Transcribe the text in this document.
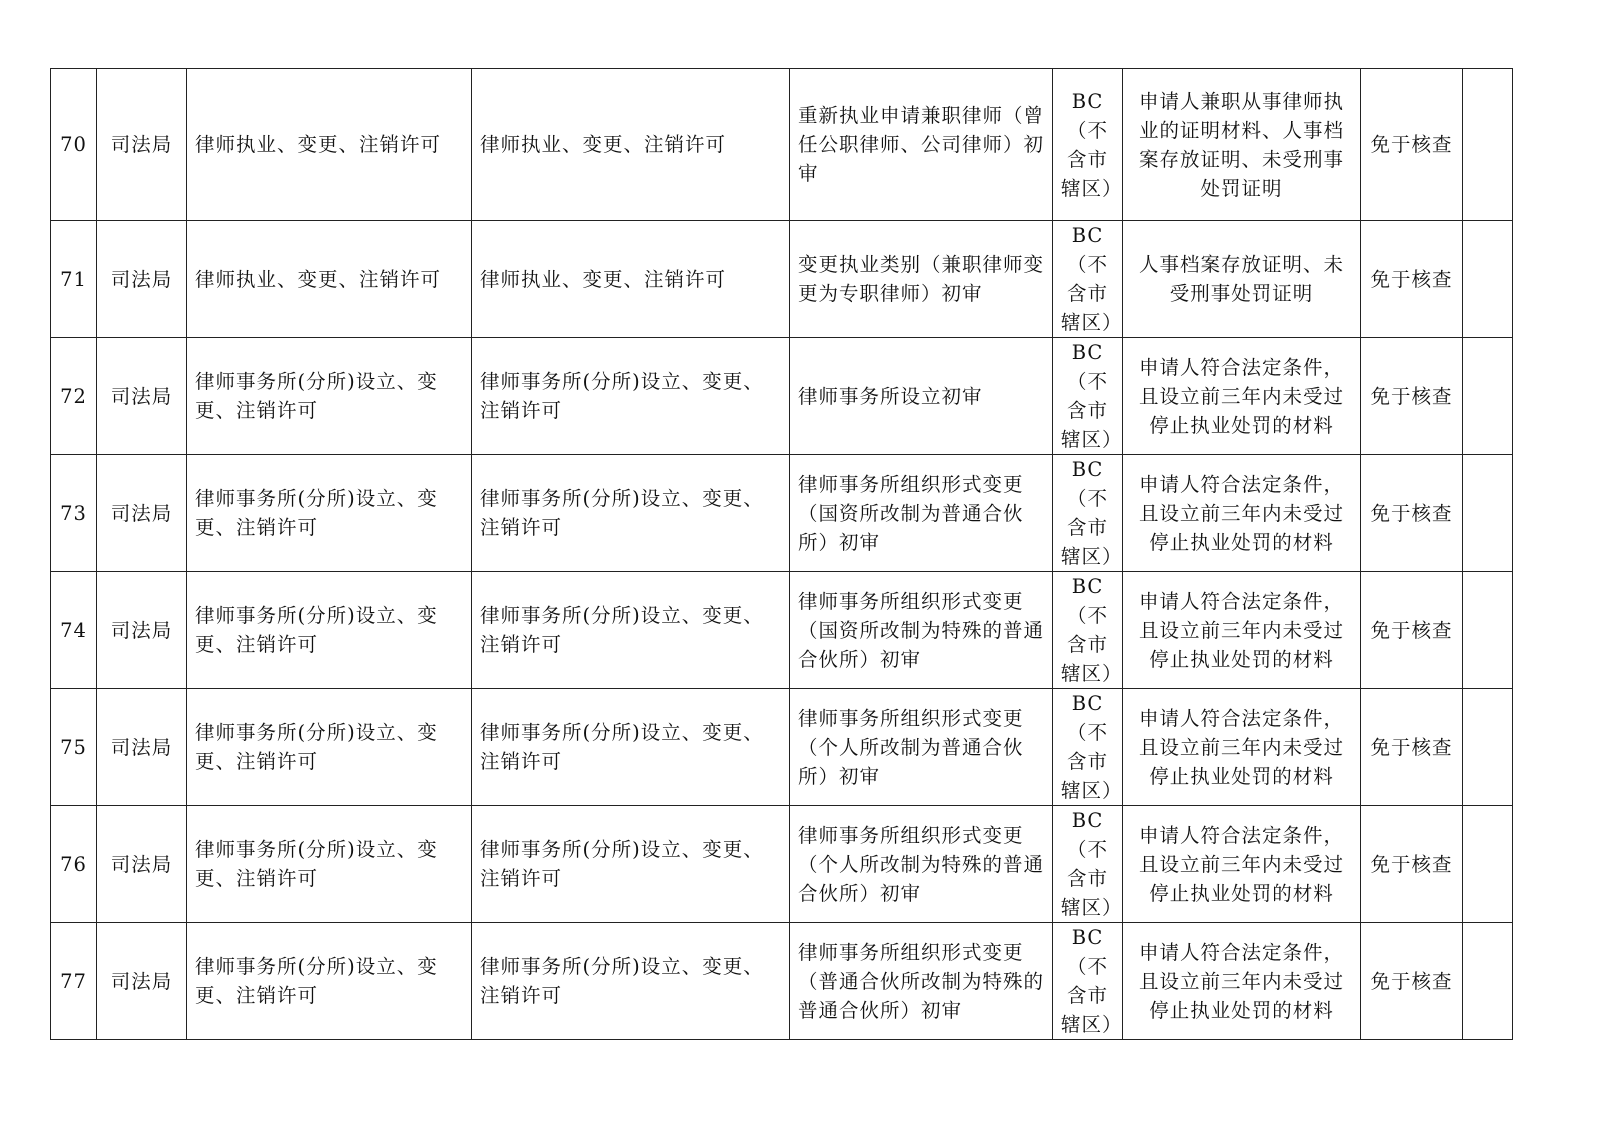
70	司法局	律师执业、变更、注销许可	律师执业、变更、注销许可	重新执业申请兼职律师（曾任公职律师、公司律师）初审	BC（不含市辖区）	申请人兼职从事律师执业的证明材料、人事档案存放证明、未受刑事处罚证明	免于核查	
71	司法局	律师执业、变更、注销许可	律师执业、变更、注销许可	变更执业类别（兼职律师变更为专职律师）初审	BC（不含市辖区）	人事档案存放证明、未受刑事处罚证明	免于核查	
72	司法局	律师事务所(分所)设立、变更、注销许可	律师事务所(分所)设立、变更、注销许可	律师事务所设立初审	BC（不含市辖区）	申请人符合法定条件，且设立前三年内未受过停止执业处罚的材料	免于核查	
73	司法局	律师事务所(分所)设立、变更、注销许可	律师事务所(分所)设立、变更、注销许可	律师事务所组织形式变更（国资所改制为普通合伙所）初审	BC（不含市辖区）	申请人符合法定条件，且设立前三年内未受过停止执业处罚的材料	免于核查	
74	司法局	律师事务所(分所)设立、变更、注销许可	律师事务所(分所)设立、变更、注销许可	律师事务所组织形式变更（国资所改制为特殊的普通合伙所）初审	BC（不含市辖区）	申请人符合法定条件，且设立前三年内未受过停止执业处罚的材料	免于核查	
75	司法局	律师事务所(分所)设立、变更、注销许可	律师事务所(分所)设立、变更、注销许可	律师事务所组织形式变更（个人所改制为普通合伙所）初审	BC（不含市辖区）	申请人符合法定条件，且设立前三年内未受过停止执业处罚的材料	免于核查	
76	司法局	律师事务所(分所)设立、变更、注销许可	律师事务所(分所)设立、变更、注销许可	律师事务所组织形式变更（个人所改制为特殊的普通合伙所）初审	BC（不含市辖区）	申请人符合法定条件，且设立前三年内未受过停止执业处罚的材料	免于核查	
77	司法局	律师事务所(分所)设立、变更、注销许可	律师事务所(分所)设立、变更、注销许可	律师事务所组织形式变更（普通合伙所改制为特殊的普通合伙所）初审	BC（不含市辖区）	申请人符合法定条件，且设立前三年内未受过停止执业处罚的材料	免于核查	
